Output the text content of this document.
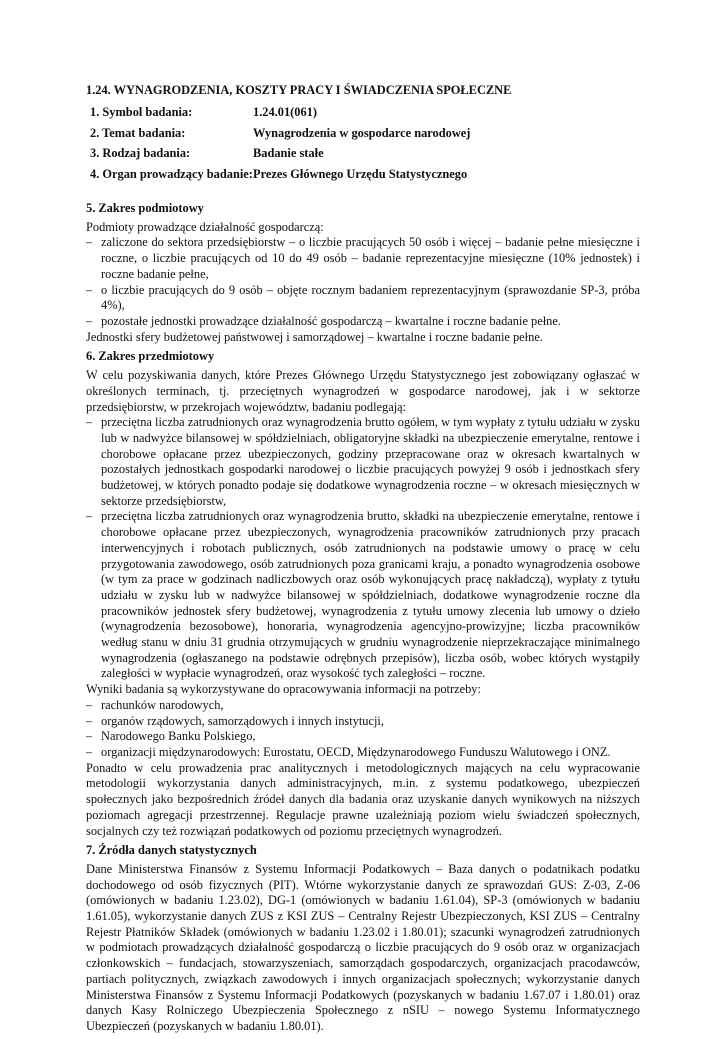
1.24. WYNAGRODZENIA, KOSZTY PRACY I ŚWIADCZENIA SPOŁECZNE
1. Symbol badania:	1.24.01(061)
2. Temat badania:	Wynagrodzenia w gospodarce narodowej
3. Rodzaj badania:	Badanie stałe
4. Organ prowadzący badanie:	Prezes Głównego Urzędu Statystycznego
5. Zakres podmiotowy

Podmioty prowadzące działalność gospodarczą:

– zaliczone do sektora przedsiębiorstw – o liczbie pracujących 50 osób i więcej – badanie pełne miesięczne i roczne, o liczbie pracujących od 10 do 49 osób – badanie reprezentacyjne miesięczne (10% jednostek) i roczne badanie pełne,
– o liczbie pracujących do 9 osób – objęte rocznym badaniem reprezentacyjnym (sprawozdanie SP-3, próba 4%),
– pozostałe jednostki prowadzące działalność gospodarczą – kwartalne i roczne badanie pełne.

Jednostki sfery budżetowej państwowej i samorządowej – kwartalne i roczne badanie pełne.

6. Zakres przedmiotowy

W celu pozyskiwania danych, które Prezes Głównego Urzędu Statystycznego jest zobowiązany ogłaszać w określonych terminach, tj. przeciętnych wynagrodzeń w gospodarce narodowej, jak i w sektorze przedsiębiorstw, w przekrojach województw, badaniu podlegają:

– przeciętna liczba zatrudnionych oraz wynagrodzenia brutto ogółem, w tym wypłaty z tytułu udziału w zysku lub w nadwyżce bilansowej w spółdzielniach, obligatoryjne składki na ubezpieczenie emerytalne, rentowe i chorobowe opłacane przez ubezpieczonych, godziny przepracowane oraz w okresach kwartalnych w pozostałych jednostkach gospodarki narodowej o liczbie pracujących powyżej 9 osób i jednostkach sfery budżetowej, w których ponadto podaje się dodatkowe wynagrodzenia roczne – w okresach miesięcznych w sektorze przedsiębiorstw,
– przeciętna liczba zatrudnionych oraz wynagrodzenia brutto, składki na ubezpieczenie emerytalne, rentowe i chorobowe opłacane przez ubezpieczonych, wynagrodzenia pracowników zatrudnionych przy pracach interwencyjnych i robotach publicznych, osób zatrudnionych na podstawie umowy o pracę w celu przygotowania zawodowego, osób zatrudnionych poza granicami kraju, a ponadto wynagrodzenia osobowe (w tym za prace w godzinach nadliczbowych oraz osób wykonujących pracę nakładczą), wypłaty z tytułu udziału w zysku lub w nadwyżce bilansowej w spółdzielniach, dodatkowe wynagrodzenie roczne dla pracowników jednostek sfery budżetowej, wynagrodzenia z tytułu umowy zlecenia lub umowy o dzieło (wynagrodzenia bezosobowe), honoraria, wynagrodzenia agencyjno-prowizyjne; liczba pracowników według stanu w dniu 31 grudnia otrzymujących w grudniu wynagrodzenie nieprzekraczające minimalnego wynagrodzenia (ogłaszanego na podstawie odrębnych przepisów), liczba osób, wobec których wystąpiły zaległości w wypłacie wynagrodzeń, oraz wysokość tych zaległości – roczne.

Wyniki badania są wykorzystywane do opracowywania informacji na potrzeby:

– rachunków narodowych,
– organów rządowych, samorządowych i innych instytucji,
– Narodowego Banku Polskiego,
– organizacji międzynarodowych: Eurostatu, OECD, Międzynarodowego Funduszu Walutowego i ONZ.

Ponadto w celu prowadzenia prac analitycznych i metodologicznych mających na celu wypracowanie metodologii wykorzystania danych administracyjnych, m.in. z systemu podatkowego, ubezpieczeń społecznych jako bezpośrednich źródeł danych dla badania oraz uzyskanie danych wynikowych na niższych poziomach agregacji przestrzennej. Regulacje prawne uzależniają poziom wielu świadczeń społecznych, socjalnych czy też rozwiązań podatkowych od poziomu przeciętnych wynagrodzeń.

7. Źródła danych statystycznych

Dane Ministerstwa Finansów z Systemu Informacji Podatkowych – Baza danych o podatnikach podatku dochodowego od osób fizycznych (PIT). Wtórne wykorzystanie danych ze sprawozdań GUS: Z-03, Z-06 (omówionych w badaniu 1.23.02), DG-1 (omówionych w badaniu 1.61.04), SP-3 (omówionych w badaniu 1.61.05), wykorzystanie danych ZUS z KSI ZUS – Centralny Rejestr Ubezpieczonych, KSI ZUS – Centralny Rejestr Płatników Składek (omówionych w badaniu 1.23.02 i 1.80.01); szacunki wynagrodzeń zatrudnionych w podmiotach prowadzących działalność gospodarczą o liczbie pracujących do 9 osób oraz w organizacjach członkowskich – fundacjach, stowarzyszeniach, samorządach gospodarczych, organizacjach pracodawców, partiach politycznych, związkach zawodowych i innych organizacjach społecznych; wykorzystanie danych Ministerstwa Finansów z Systemu Informacji Podatkowych (pozyskanych w badaniu 1.67.07 i 1.80.01) oraz danych Kasy Rolniczego Ubezpieczenia Społecznego z nSIU – nowego Systemu Informatycznego Ubezpieczeń (pozyskanych w badaniu 1.80.01).
